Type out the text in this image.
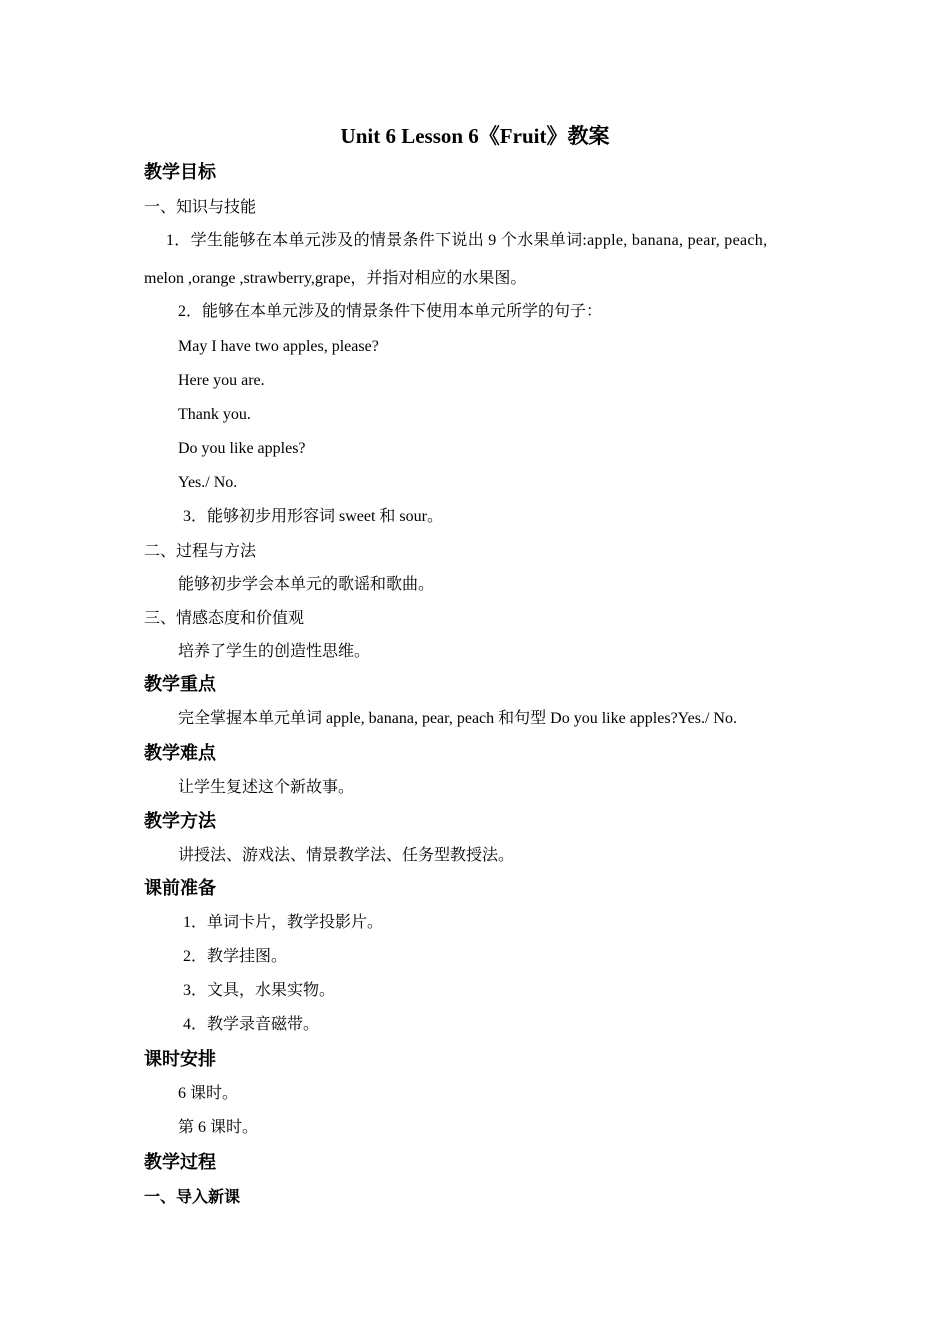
Unit 6 Lesson 6《Fruit》教案
教学目标
一、知识与技能
1．学生能够在本单元涉及的情景条件下说出 9 个水果单词:apple, banana, pear, peach,
melon ,orange ,strawberry,grape，并指对相应的水果图。
2．能够在本单元涉及的情景条件下使用本单元所学的句子：
May I have two apples, please?
Here you are.
Thank you.
Do you like apples?
Yes./ No.
3．能够初步用形容词 sweet 和 sour。
二、过程与方法
能够初步学会本单元的歌谣和歌曲。
三、情感态度和价值观
培养了学生的创造性思维。
教学重点
完全掌握本单元单词 apple, banana, pear, peach 和句型 Do you like apples?Yes./ No.
教学难点
让学生复述这个新故事。
教学方法
讲授法、游戏法、情景教学法、任务型教授法。
课前准备
1．单词卡片，教学投影片。
2．教学挂图。
3．文具，水果实物。
4．教学录音磁带。
课时安排
6 课时。
第 6 课时。
教学过程
一、导入新课
